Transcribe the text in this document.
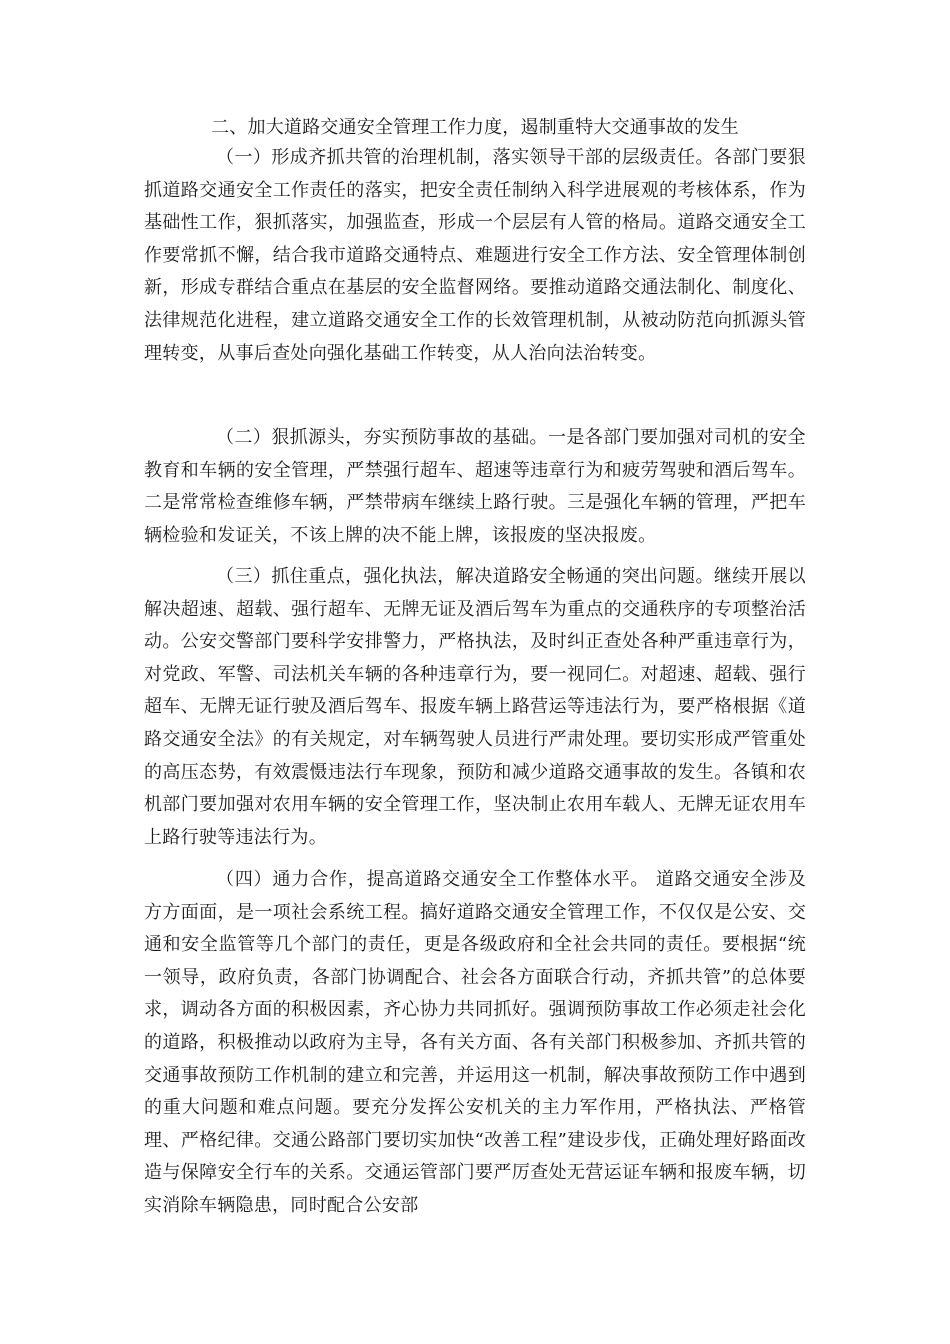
二、加大道路交通安全管理工作力度，遏制重特大交通事故的发生

（一）形成齐抓共管的治理机制，落实领导干部的层级责任。各部门要狠抓道路交通安全工作责任的落实，把安全责任制纳入科学进展观的考核体系，作为基础性工作，狠抓落实，加强监查，形成一个层层有人管的格局。道路交通安全工作要常抓不懈，结合我市道路交通特点、难题进行安全工作方法、安全管理体制创新，形成专群结合重点在基层的安全监督网络。要推动道路交通法制化、制度化、法律规范化进程，建立道路交通安全工作的长效管理机制，从被动防范向抓源头管理转变，从事后查处向强化基础工作转变，从人治向法治转变。

（二）狠抓源头，夯实预防事故的基础。一是各部门要加强对司机的安全教育和车辆的安全管理，严禁强行超车、超速等违章行为和疲劳驾驶和酒后驾车。二是常常检查维修车辆，严禁带病车继续上路行驶。三是强化车辆的管理，严把车辆检验和发证关，不该上牌的决不能上牌，该报废的坚决报废。

（三）抓住重点，强化执法，解决道路安全畅通的突出问题。继续开展以解决超速、超载、强行超车、无牌无证及酒后驾车为重点的交通秩序的专项整治活动。公安交警部门要科学安排警力，严格执法，及时纠正查处各种严重违章行为，对党政、军警、司法机关车辆的各种违章行为，要一视同仁。对超速、超载、强行超车、无牌无证行驶及酒后驾车、报废车辆上路营运等违法行为，要严格根据《道路交通安全法》的有关规定，对车辆驾驶人员进行严肃处理。要切实形成严管重处的高压态势，有效震慑违法行车现象，预防和减少道路交通事故的发生。各镇和农机部门要加强对农用车辆的安全管理工作，坚决制止农用车载人、无牌无证农用车上路行驶等违法行为。

（四）通力合作，提高道路交通安全工作整体水平。 道路交通安全涉及方方面面，是一项社会系统工程。搞好道路交通安全管理工作，不仅仅是公安、交通和安全监管等几个部门的责任，更是各级政府和全社会共同的责任。要根据“统一领导，政府负责，各部门协调配合、社会各方面联合行动，齐抓共管”的总体要求，调动各方面的积极因素，齐心协力共同抓好。强调预防事故工作必须走社会化的道路，积极推动以政府为主导，各有关方面、各有关部门积极参加、齐抓共管的交通事故预防工作机制的建立和完善，并运用这一机制，解决事故预防工作中遇到的重大问题和难点问题。要充分发挥公安机关的主力军作用，严格执法、严格管理、严格纪律。交通公路部门要切实加快“改善工程”建设步伐，正确处理好路面改造与保障安全行车的关系。交通运管部门要严厉查处无营运证车辆和报废车辆，切实消除车辆隐患，同时配合公安部
